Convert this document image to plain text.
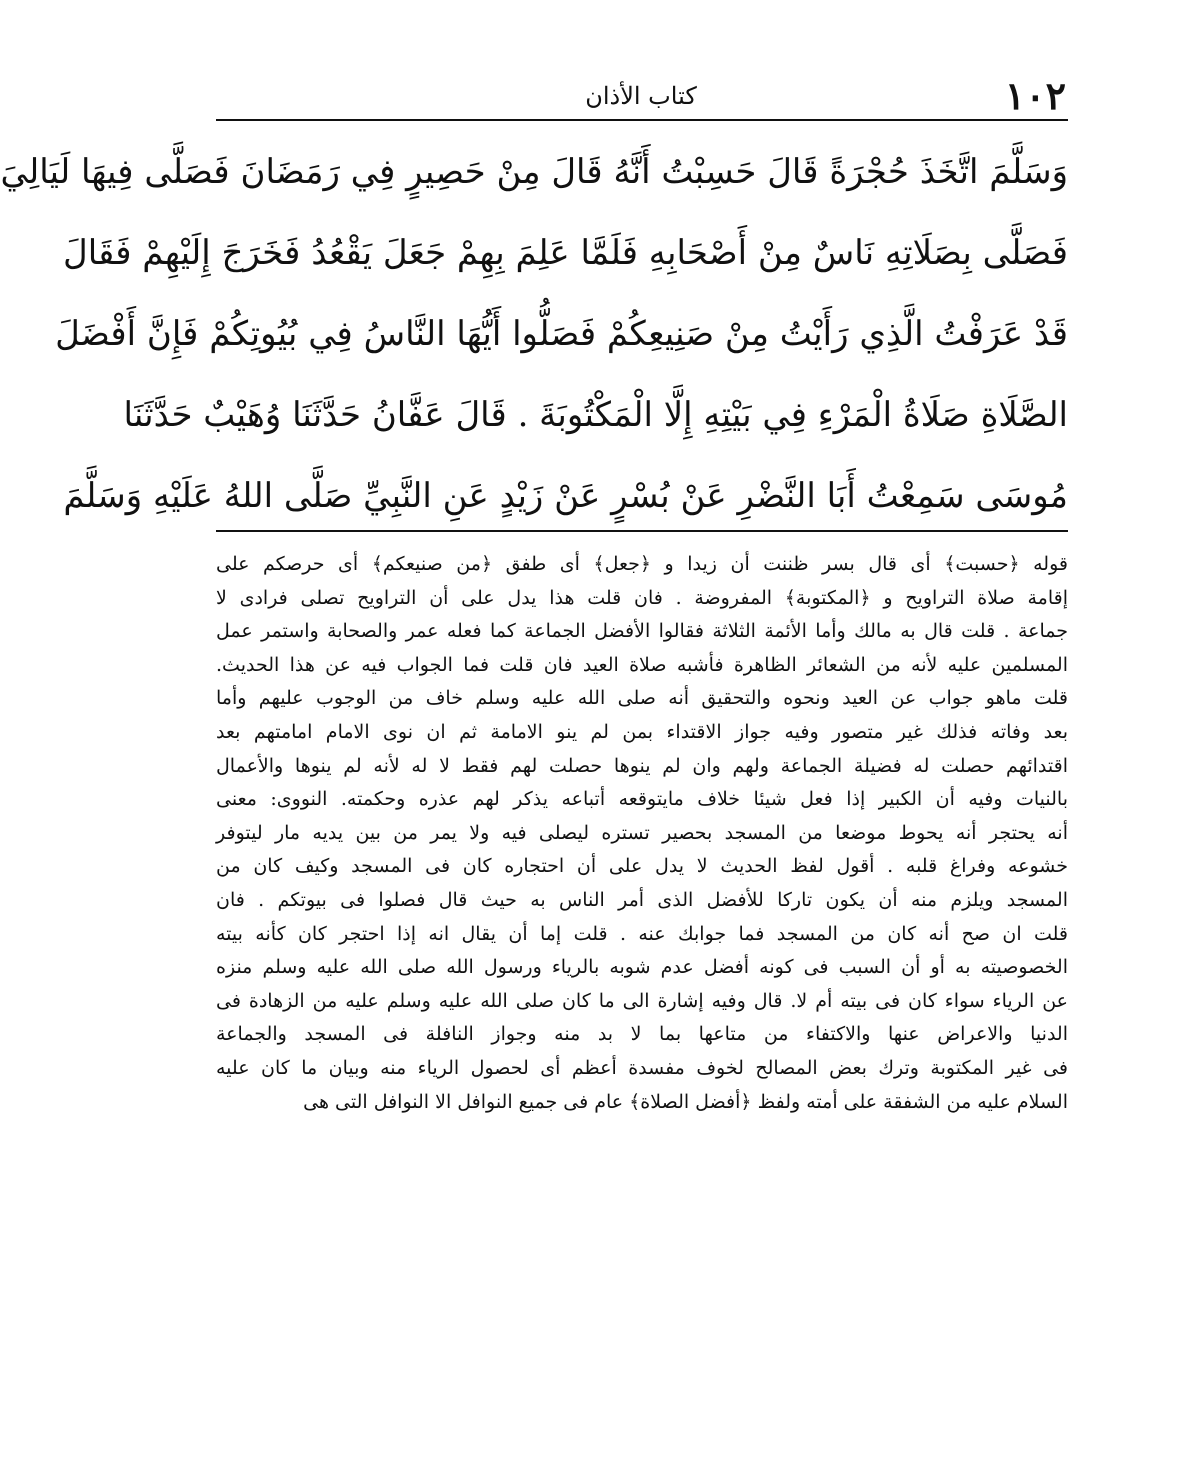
١٠٢
كتاب الأذان
وَسَلَّمَ اتَّخَذَ حُجْرَةً قَالَ حَسِبْتُ أَنَّهُ قَالَ مِنْ حَصِيرٍ فِي رَمَضَانَ فَصَلَّى فِيهَا لَيَالِيَ
فَصَلَّى بِصَلَاتِهِ نَاسٌ مِنْ أَصْحَابِهِ فَلَمَّا عَلِمَ بِهِمْ جَعَلَ يَقْعُدُ فَخَرَجَ إِلَيْهِمْ فَقَالَ
قَدْ عَرَفْتُ الَّذِي رَأَيْتُ مِنْ صَنِيعِكُمْ فَصَلُّوا أَيُّهَا النَّاسُ فِي بُيُوتِكُمْ فَإِنَّ أَفْضَلَ
الصَّلَاةِ صَلَاةُ الْمَرْءِ فِي بَيْتِهِ إِلَّا الْمَكْتُوبَةَ . قَالَ عَفَّانُ حَدَّثَنَا وُهَيْبٌ حَدَّثَنَا
مُوسَى سَمِعْتُ أَبَا النَّضْرِ عَنْ بُسْرٍ عَنْ زَيْدٍ عَنِ النَّبِيِّ صَلَّى اللهُ عَلَيْهِ وَسَلَّمَ
قوله ﴿حسبت﴾ أى قال بسر ظننت أن زيدا و ﴿جعل﴾ أى طفق ﴿من صنيعكم﴾ أى حرصكم على
إقامة صلاة التراويح و ﴿المكتوبة﴾ المفروضة . فان قلت هذا يدل على أن التراويح تصلى فرادى لا
جماعة . قلت قال به مالك وأما الأئمة الثلاثة فقالوا الأفضل الجماعة كما فعله عمر والصحابة واستمر عمل
المسلمين عليه لأنه من الشعائر الظاهرة فأشبه صلاة العيد فان قلت فما الجواب فيه عن هذا الحديث.
قلت ماهو جواب عن العيد ونحوه والتحقيق أنه صلى الله عليه وسلم خاف من الوجوب عليهم وأما
بعد وفاته فذلك غير متصور وفيه جواز الاقتداء بمن لم ينو الامامة ثم ان نوى الامام امامتهم بعد
اقتدائهم حصلت له فضيلة الجماعة ولهم وان لم ينوها حصلت لهم فقط لا له لأنه لم ينوها والأعمال
بالنيات وفيه أن الكبير إذا فعل شيئا خلاف مايتوقعه أتباعه يذكر لهم عذره وحكمته. النووى: معنى
أنه يحتجر أنه يحوط موضعا من المسجد بحصير تستره ليصلى فيه ولا يمر من بين يديه مار ليتوفر
خشوعه وفراغ قلبه . أقول لفظ الحديث لا يدل على أن احتجاره كان فى المسجد وكيف كان من
المسجد ويلزم منه أن يكون تاركا للأفضل الذى أمر الناس به حيث قال فصلوا فى بيوتكم . فان
قلت ان صح أنه كان من المسجد فما جوابك عنه . قلت إما أن يقال انه إذا احتجر كان كأنه بيته
الخصوصيته به أو أن السبب فى كونه أفضل عدم شوبه بالرياء ورسول الله صلى الله عليه وسلم منزه
عن الرياء سواء كان فى بيته أم لا. قال وفيه إشارة الى ما كان صلى الله عليه وسلم عليه من الزهادة فى
الدنيا والاعراض عنها والاكتفاء من متاعها بما لا بد منه وجواز النافلة فى المسجد والجماعة
فى غير المكتوبة وترك بعض المصالح لخوف مفسدة أعظم أى لحصول الرياء منه وبيان ما كان عليه
السلام عليه من الشفقة على أمته ولفظ ﴿أفضل الصلاة﴾ عام فى جميع النوافل الا النوافل التى هى
